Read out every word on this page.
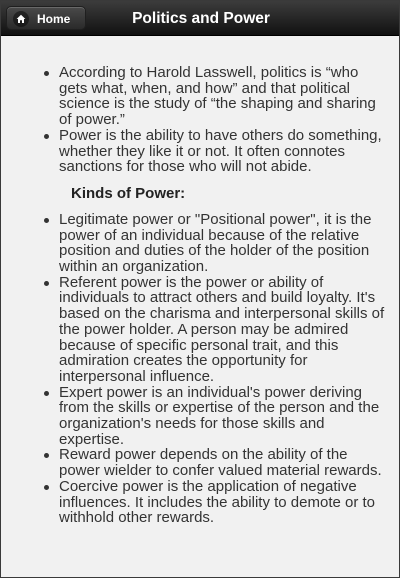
Home	Politics and Power
According to Harold Lasswell, politics is “who gets what, when, and how” and that political science is the study of “the shaping and sharing of power.”
Power is the ability to have others do something, whether they like it or not. It often connotes sanctions for those who will not abide.
Kinds of Power:
Legitimate power or "Positional power", it is the power of an individual because of the relative position and duties of the holder of the position within an organization.
Referent power is the power or ability of individuals to attract others and build loyalty. It's based on the charisma and interpersonal skills of the power holder. A person may be admired because of specific personal trait, and this admiration creates the opportunity for interpersonal influence.
Expert power is an individual's power deriving from the skills or expertise of the person and the organization's needs for those skills and expertise.
Reward power depends on the ability of the power wielder to confer valued material rewards.
Coercive power is the application of negative influences. It includes the ability to demote or to withhold other rewards.
